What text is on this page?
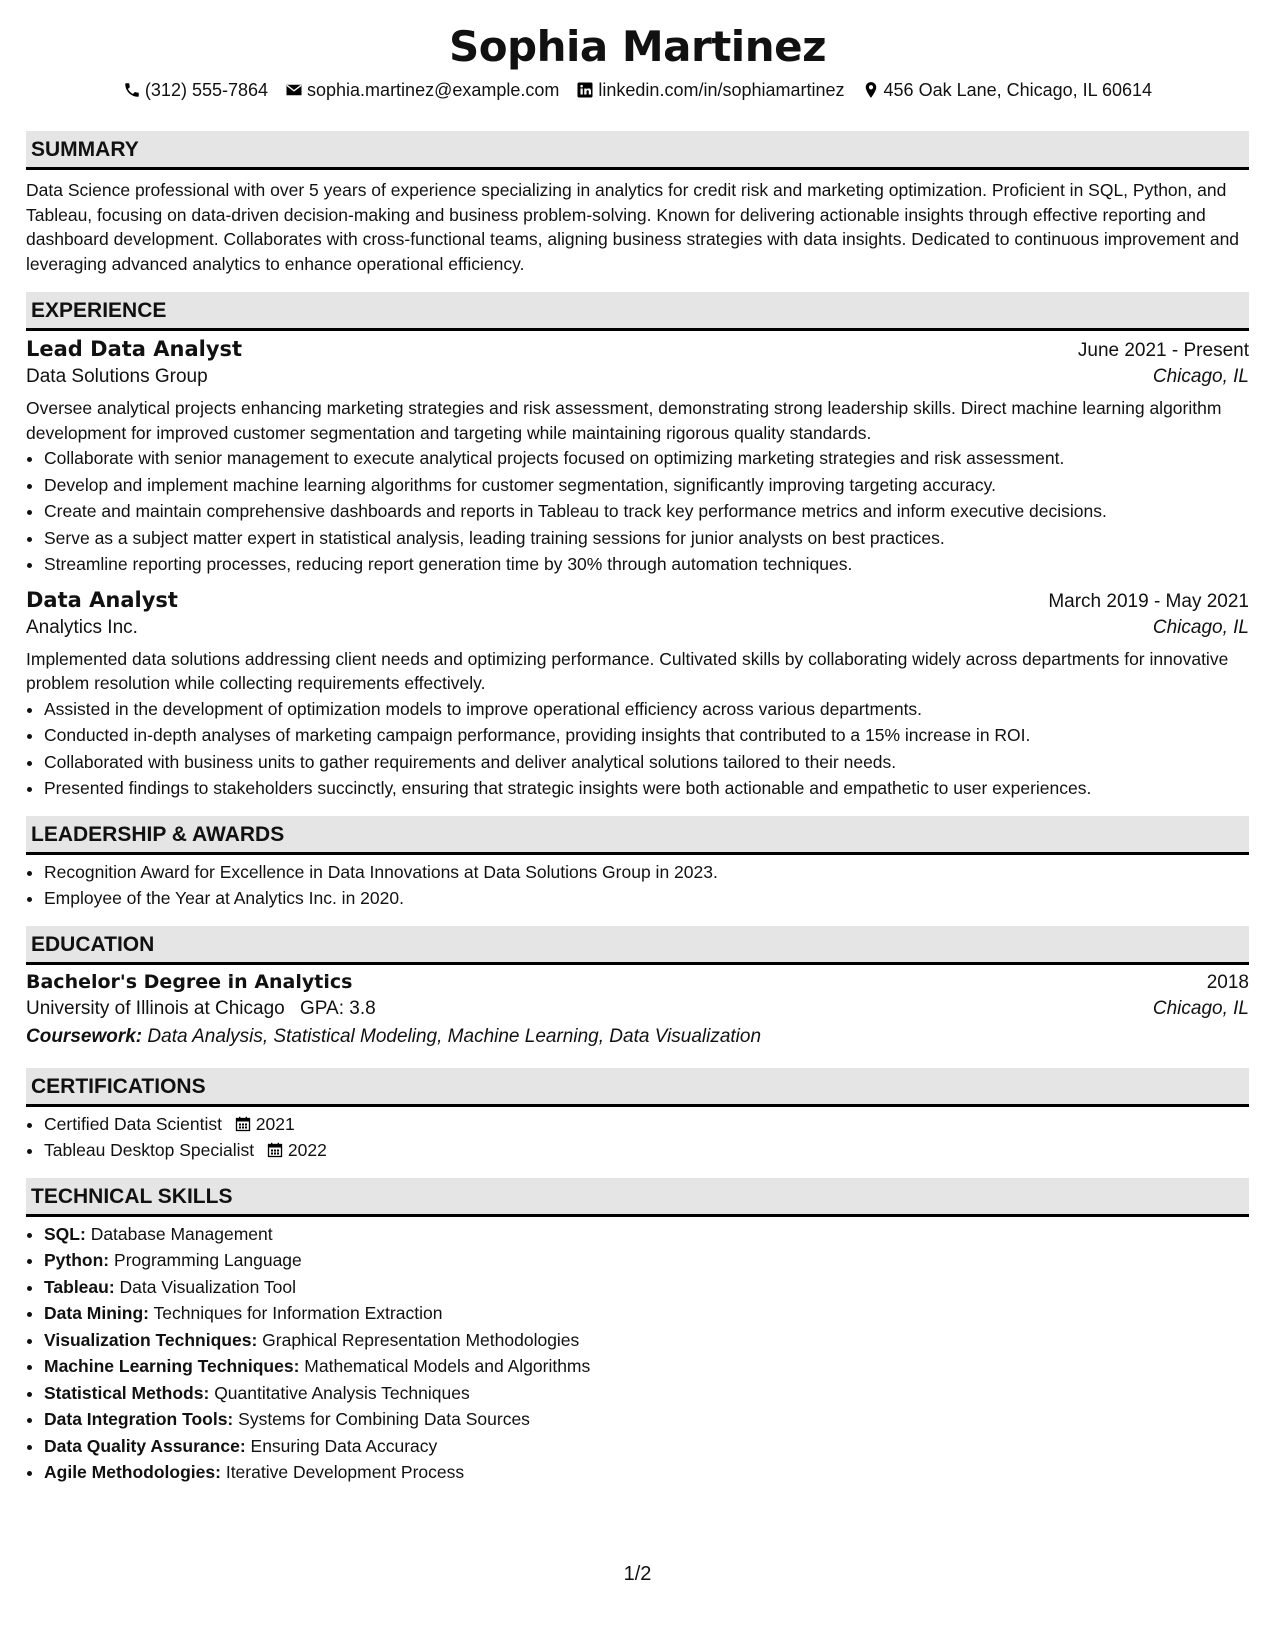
Sophia Martinez
(312) 555-7864 sophia.martinez@example.com linkedin.com/in/sophiamartinez 456 Oak Lane, Chicago, IL 60614
SUMMARY
Data Science professional with over 5 years of experience specializing in analytics for credit risk and marketing optimization. Proficient in SQL, Python, and Tableau, focusing on data-driven decision-making and business problem-solving. Known for delivering actionable insights through effective reporting and dashboard development. Collaborates with cross-functional teams, aligning business strategies with data insights. Dedicated to continuous improvement and leveraging advanced analytics to enhance operational efficiency.
EXPERIENCE
Lead Data Analyst	June 2021 - Present
Data Solutions Group	Chicago, IL
Oversee analytical projects enhancing marketing strategies and risk assessment, demonstrating strong leadership skills. Direct machine learning algorithm development for improved customer segmentation and targeting while maintaining rigorous quality standards.
• Collaborate with senior management to execute analytical projects focused on optimizing marketing strategies and risk assessment.
• Develop and implement machine learning algorithms for customer segmentation, significantly improving targeting accuracy.
• Create and maintain comprehensive dashboards and reports in Tableau to track key performance metrics and inform executive decisions.
• Serve as a subject matter expert in statistical analysis, leading training sessions for junior analysts on best practices.
• Streamline reporting processes, reducing report generation time by 30% through automation techniques.
Data Analyst	March 2019 - May 2021
Analytics Inc.	Chicago, IL
Implemented data solutions addressing client needs and optimizing performance. Cultivated skills by collaborating widely across departments for innovative problem resolution while collecting requirements effectively.
• Assisted in the development of optimization models to improve operational efficiency across various departments.
• Conducted in-depth analyses of marketing campaign performance, providing insights that contributed to a 15% increase in ROI.
• Collaborated with business units to gather requirements and deliver analytical solutions tailored to their needs.
• Presented findings to stakeholders succinctly, ensuring that strategic insights were both actionable and empathetic to user experiences.
LEADERSHIP & AWARDS
• Recognition Award for Excellence in Data Innovations at Data Solutions Group in 2023.
• Employee of the Year at Analytics Inc. in 2020.
EDUCATION
Bachelor's Degree in Analytics	2018
University of Illinois at Chicago GPA: 3.8	Chicago, IL
Coursework: Data Analysis, Statistical Modeling, Machine Learning, Data Visualization
CERTIFICATIONS
• Certified Data Scientist 2021
• Tableau Desktop Specialist 2022
TECHNICAL SKILLS
• SQL: Database Management
• Python: Programming Language
• Tableau: Data Visualization Tool
• Data Mining: Techniques for Information Extraction
• Visualization Techniques: Graphical Representation Methodologies
• Machine Learning Techniques: Mathematical Models and Algorithms
• Statistical Methods: Quantitative Analysis Techniques
• Data Integration Tools: Systems for Combining Data Sources
• Data Quality Assurance: Ensuring Data Accuracy
• Agile Methodologies: Iterative Development Process
1/2
